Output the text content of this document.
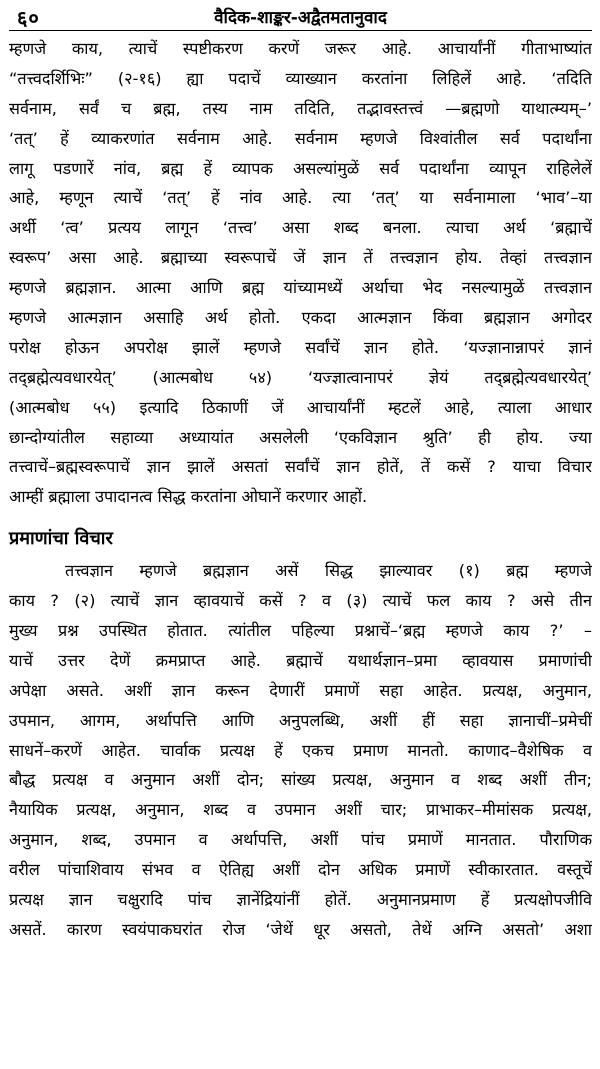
६०	वैदिक-शाङ्कर-अद्वैतमतानुवाद
म्हणजे काय, त्याचें स्पष्टीकरण करणें जरूर आहे. आचार्यांनीं गीताभाष्यांत
“तत्त्वदर्शिभिः” (२-१६) ह्या पदाचें व्याख्यान करतांना लिहिलें आहे. ‘तदिति
सर्वनाम, सर्वं च ब्रह्म, तस्य नाम तदिति, तद्भावस्तत्त्वं —ब्रह्मणो याथात्म्यम्–’
‘तत्’ हें व्याकरणांत सर्वनाम आहे. सर्वनाम म्हणजे विश्वांतील सर्व पदार्थांना
लागू पडणारें नांव, ब्रह्म हें व्यापक असल्यांमुळें सर्व पदार्थांना व्यापून राहिलेलें
आहे, म्हणून त्याचें ‘तत्’ हें नांव आहे. त्या ‘तत्’ या सर्वनामाला ‘भाव’–या
अर्थी ‘त्व’ प्रत्यय लागून ‘तत्त्व’ असा शब्द बनला. त्याचा अर्थ ‘ब्रह्माचें
स्वरूप’ असा आहे. ब्रह्माच्या स्वरूपाचें जें ज्ञान तें तत्त्वज्ञान होय. तेव्हां तत्त्वज्ञान
म्हणजे ब्रह्मज्ञान. आत्मा आणि ब्रह्म यांच्यामध्यें अर्थाचा भेद नसल्यामुळें तत्त्वज्ञान
म्हणजे आत्मज्ञान असाहि अर्थ होतो. एकदा आत्मज्ञान किंवा ब्रह्मज्ञान अगोदर
परोक्ष होऊन अपरोक्ष झालें म्हणजे सर्वांचें ज्ञान होते. ‘यज्ज्ञानान्नापरं ज्ञानं
तद्ब्रह्मेत्यवधारयेत्’ (आत्मबोध ५४) ‘यज्ज्ञात्वानापरं ज्ञेयं तद्ब्रह्मेत्यवधारयेत्’
(आत्मबोध ५५) इत्यादि ठिकाणीं जें आचार्यांनीं म्हटलें आहे, त्याला आधार
छान्दोग्यांतील सहाव्या अध्यायांत असलेली ‘एकविज्ञान श्रुति’ ही होय. ज्या
तत्त्वाचें–ब्रह्मस्वरूपाचें ज्ञान झालें असतां सर्वांचें ज्ञान होतें, तें कसें ? याचा विचार
आम्हीं ब्रह्माला उपादानत्व सिद्ध करतांना ओघानें करणार आहों.
प्रमाणांचा विचार
तत्त्वज्ञान म्हणजे ब्रह्मज्ञान असें सिद्ध झाल्यावर (१) ब्रह्म म्हणजे
काय ? (२) त्याचें ज्ञान व्हावयाचें कसें ? व (३) त्याचें फल काय ? असे तीन
मुख्य प्रश्न उपस्थित होतात. त्यांतील पहिल्या प्रश्नाचें–‘ब्रह्म म्हणजे काय ?’ –
याचें उत्तर देणें क्रमप्राप्त आहे. ब्रह्माचें यथार्थज्ञान–प्रमा व्हावयास प्रमाणांची
अपेक्षा असते. अशीं ज्ञान करून देणारीं प्रमाणें सहा आहेत. प्रत्यक्ष, अनुमान,
उपमान, आगम, अर्थापत्ति आणि अनुपलब्धि, अशीं हीं सहा ज्ञानाचीं–प्रमेचीं
साधनें–करणें आहेत. चार्वाक प्रत्यक्ष हें एकच प्रमाण मानतो. काणाद–वैशेषिक व
बौद्ध प्रत्यक्ष व अनुमान अशीं दोन; सांख्य प्रत्यक्ष, अनुमान व शब्द अशीं तीन;
नैयायिक प्रत्यक्ष, अनुमान, शब्द व उपमान अशीं चार; प्राभाकर–मीमांसक प्रत्यक्ष,
अनुमान, शब्द, उपमान व अर्थापत्ति, अशीं पांच प्रमाणें मानतात. पौराणिक
वरील पांचाशिवाय संभव व ऐतिह्य अशीं दोन अधिक प्रमाणें स्वीकारतात. वस्तूचें
प्रत्यक्ष ज्ञान चक्षुरादि पांच ज्ञानेंद्रियांनीं होतें. अनुमानप्रमाण हें प्रत्यक्षोपजीवि
असतें. कारण स्वयंपाकघरांत रोज ‘जेथें धूर असतो, तेथें अग्नि असतो’ अशा
